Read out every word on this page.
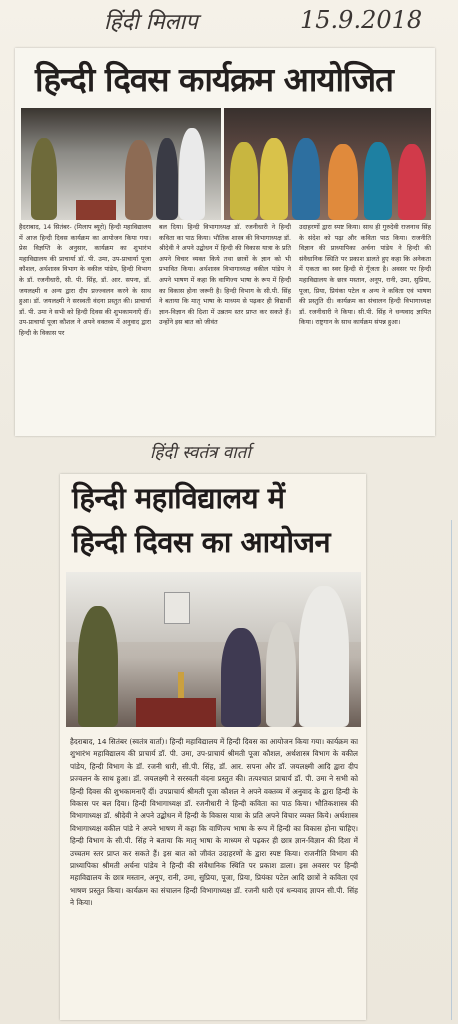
हिंदी मिलाप	15.9.2018
हिन्दी दिवस कार्यक्रम आयोजित
हैदराबाद, 14 सितंबर- (मिलाप ब्यूरो) हिन्दी महाविद्यालय में आज हिन्दी दिवस कार्यक्रम का आयोजन किया गया। प्रेस विज्ञप्ति के अनुसार, कार्यक्रम का शुभारंभ महाविद्यालय की प्राचार्या डॉ. पी. उमा, उप-प्राचार्या पूजा कौशल, अर्थशास्त्र विभाग के वकील पांडेय, हिन्दी विभाग के डॉ. रजनीधारी, सी. पी. सिंह, डॉ. आर. सपना, डॉ. जयलक्ष्मी व अन्य द्वारा दीप प्रज्ज्वलन करने के साथ हुआ। डॉ. जयलक्ष्मी ने सरस्वती वंदना प्रस्तुत की। प्राचार्या डॉ. पी. उमा ने सभी को हिन्दी दिवस की शुभकामनाएँ दीं। उप-प्राचार्या पूजा कौशल ने अपने वक्तव्य में अनुवाद द्वारा हिन्दी के विकास पर
बल दिया। हिन्दी विभागाध्यक्ष डॉ. रजनीधारी ने हिन्दी कविता का पाठ किया। भौतिक शास्त्र की विभागाध्यक्ष डॉ. श्रीदेवी ने अपने उद्बोधन में हिन्दी की विकास यात्रा के प्रति अपने विचार व्यक्त किये तथा छात्रों के ज्ञान को भी प्रभावित किया। अर्थशास्त्र विभागाध्यक्ष वकील पांडेय ने अपने भाषण में कहा कि वाणिज्य भाषा के रूप में हिन्दी का विकास होना जरूरी है। हिन्दी विभाग के सी.पी. सिंह ने बताया कि मातृ भाषा के माध्यम से पढ़कर ही विद्यार्थी ज्ञान-विज्ञान की दिशा में उन्नतम स्तर प्राप्त कर सकते हैं। उन्होंने इस बात को जीवंत
उदाहरणों द्वारा स्पष्ट किया। साथ ही गुरुदेवी राजनाथ सिंह के संदेश को पढ़ा और कविता पाठ किया। राजनीति विज्ञान की प्राध्यापिका अर्चना पांडेय ने हिन्दी की संवैधानिक स्थिति पर प्रकाश डालते हुए कहा कि अनेकता में एकता का स्वर हिन्दी से गूँजता है। अवसर पर हिन्दी महाविद्यालय के छात्र मस्तान, अनूप, रानी, उमा, सुप्रिया, पूजा, प्रिया, प्रियंका पटेल व अन्य ने कविता एवं भाषण की प्रस्तुति दी। कार्यक्रम का संचालन हिन्दी विभागाध्यक्ष डॉ. रजनीधारी ने किया। सी.पी. सिंह ने धन्यवाद ज्ञापित किया। राष्ट्रगान के साथ कार्यक्रम संपन्न हुआ।
हिंदी स्वतंत्र वार्ता
हिन्दी महाविद्यालय में
हिन्दी दिवस का आयोजन
हैदराबाद, 14 सितंबर (स्वतंत्र वार्ता)। हिन्दी महाविद्यालय में हिन्दी दिवस का आयोजन किया गया। कार्यक्रम का शुभारंभ महाविद्यालय की प्राचार्य डॉ. पी. उमा, उप-प्राचार्य श्रीमती पूजा कौशल, अर्थशास्त्र विभाग के वकील पांडेय, हिन्दी विभाग के डॉ. रजनी धारी, सी.पी. सिंह, डॉ. आर. सपना और डॉ. जयलक्ष्मी आदि द्वारा दीप प्रज्वलन के साथ हुआ। डॉ. जयलक्ष्मी ने सरस्वती वंदना प्रस्तुत की। तत्पश्चात प्राचार्य डॉ. पी. उमा ने सभी को हिन्दी दिवस की शुभकामनाएँ दीं। उपप्राचार्य श्रीमती पूजा कौशल ने अपने वक्तव्य में अनुवाद के द्वारा हिन्दी के विकास पर बल दिया। हिन्दी विभागाध्यक्ष डॉ. रजनीधारी ने हिन्दी कविता का पाठ किया। भौतिकशास्त्र की विभागाध्यक्ष डॉ. श्रीदेवी ने अपने उद्बोधन में हिन्दी के विकास यात्रा के प्रति अपने विचार व्यक्त किये। अर्थशास्त्र विभागाध्यक्ष वकील पांडे ने अपने भाषण में कहा कि वाणिज्य भाषा के रूप में हिन्दी का विकास होना चाहिए। हिन्दी विभाग के सी.पी. सिंह ने बताया कि मातृ भाषा के माध्यम से पढ़कर ही छात्र ज्ञान-विज्ञान की दिशा में उच्चतम स्तर प्राप्त कर सकते हैं। इस बात को जीवंत उदाहरणों के द्वारा स्पष्ट किया। राजनीति विभाग की प्राध्यापिका श्रीमती अर्चना पांडेय ने हिन्दी की संवैधानिक स्थिति पर प्रकाश डाला। इस अवसर पर हिन्दी महाविद्यालय के छात्र मस्तान, अनूप, रानी, उमा, सुप्रिया, पूजा, प्रिया, प्रियंका पटेल आदि छात्रों ने कविता एवं भाषण प्रस्तुत किया। कार्यक्रम का संचालन हिन्दी विभागाध्यक्ष डॉ. रजनी धारी एवं धन्यवाद ज्ञापन सी.पी. सिंह ने किया।
